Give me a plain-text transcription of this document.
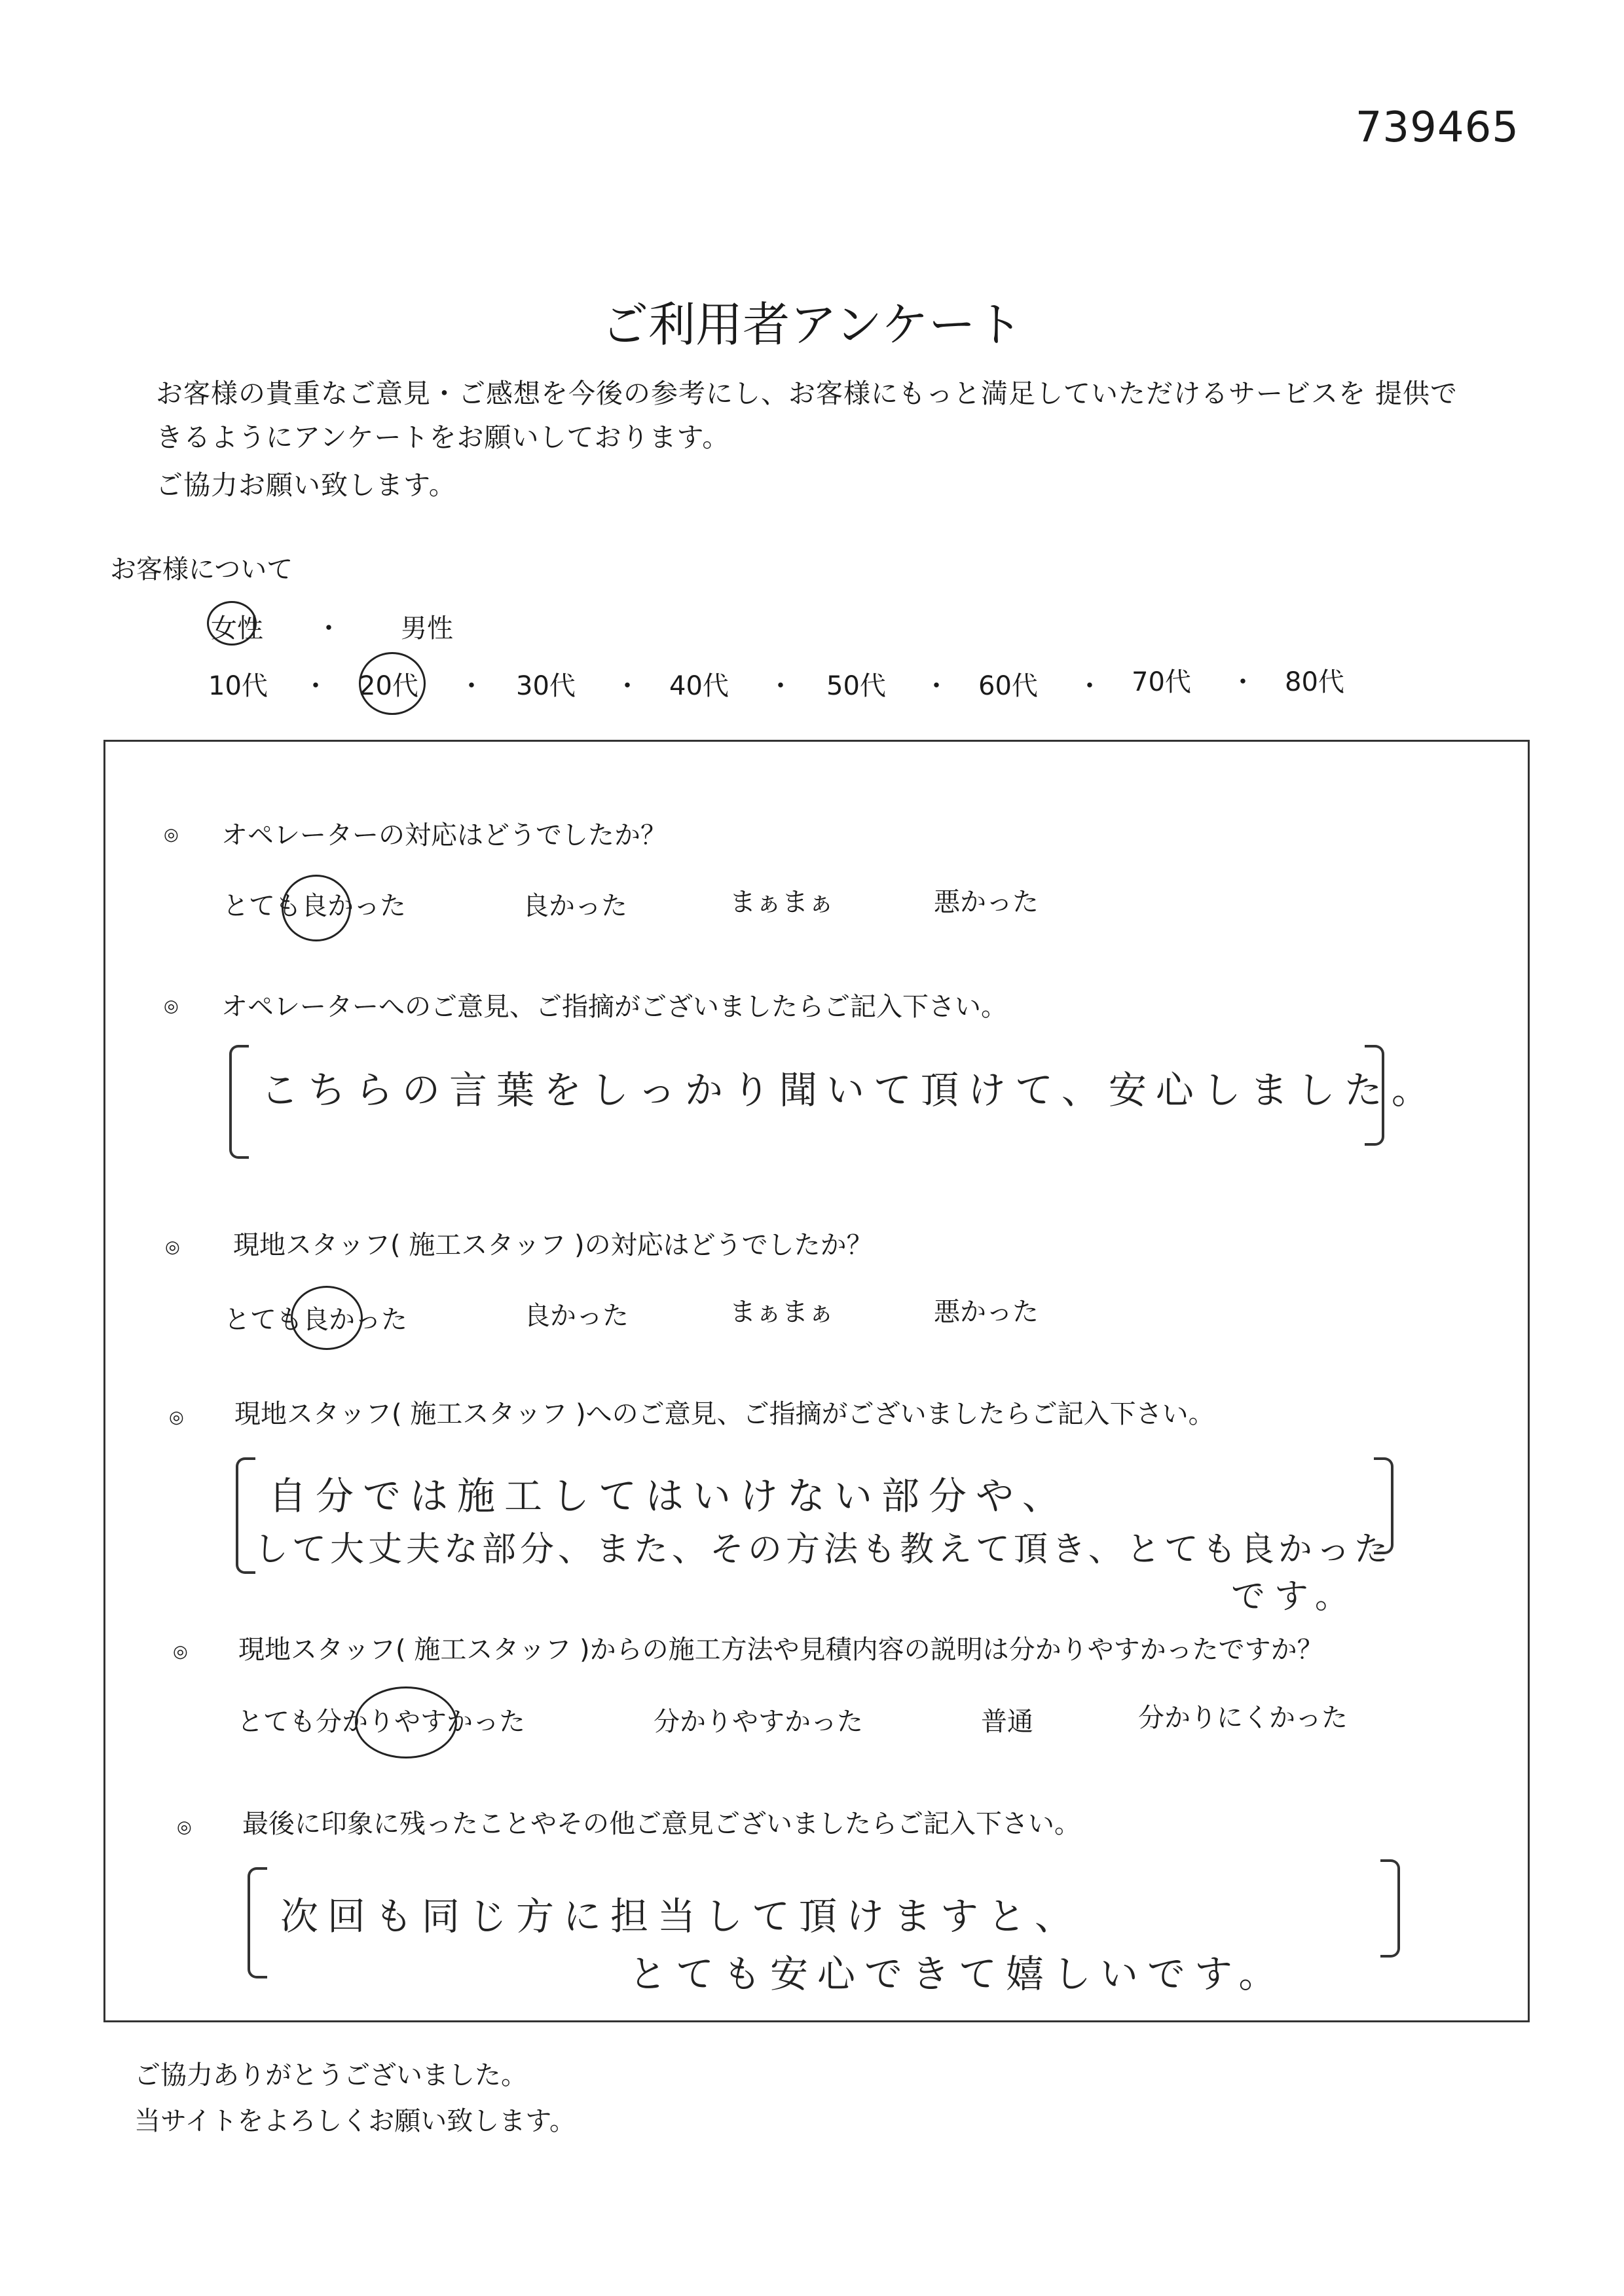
739465
ご利用者アンケート
お客様の貴重なご意見・ご感想を今後の参考にし、お客様にもっと満足していただけるサービスを 提供で
きるようにアンケートをお願いしております。
ご協力お願い致します。
お客様について
女性 ・ 男性
10代 ・ 20代 ・ 30代 ・ 40代 ・ 50代 ・ 60代 ・ 70代 ・ 80代
◎ オペレーターの対応はどうでしたか？
とても良かった	良かった	まぁまぁ	悪かった
◎ オペレーターへのご意見、ご指摘がございましたらご記入下さい。
こちらの言葉をしっかり聞いて頂けて、安心しました。
◎ 現地スタッフ( 施工スタッフ )の対応はどうでしたか？
とても良かった	良かった	まぁまぁ	悪かった
◎ 現地スタッフ( 施工スタッフ )へのご意見、ご指摘がございましたらご記入下さい。
自分では施工してはいけない部分や、
して大丈夫な部分、また、その方法も教えて頂き、とても良かった
です。
◎ 現地スタッフ( 施工スタッフ )からの施工方法や見積内容の説明は分かりやすかったですか？
とても分かりやすかった	分かりやすかった	普通	分かりにくかった
◎ 最後に印象に残ったことやその他ご意見ございましたらご記入下さい。
次回も同じ方に担当して頂けますと、
とても安心できて嬉しいです。
ご協力ありがとうございました。
当サイトをよろしくお願い致します。
